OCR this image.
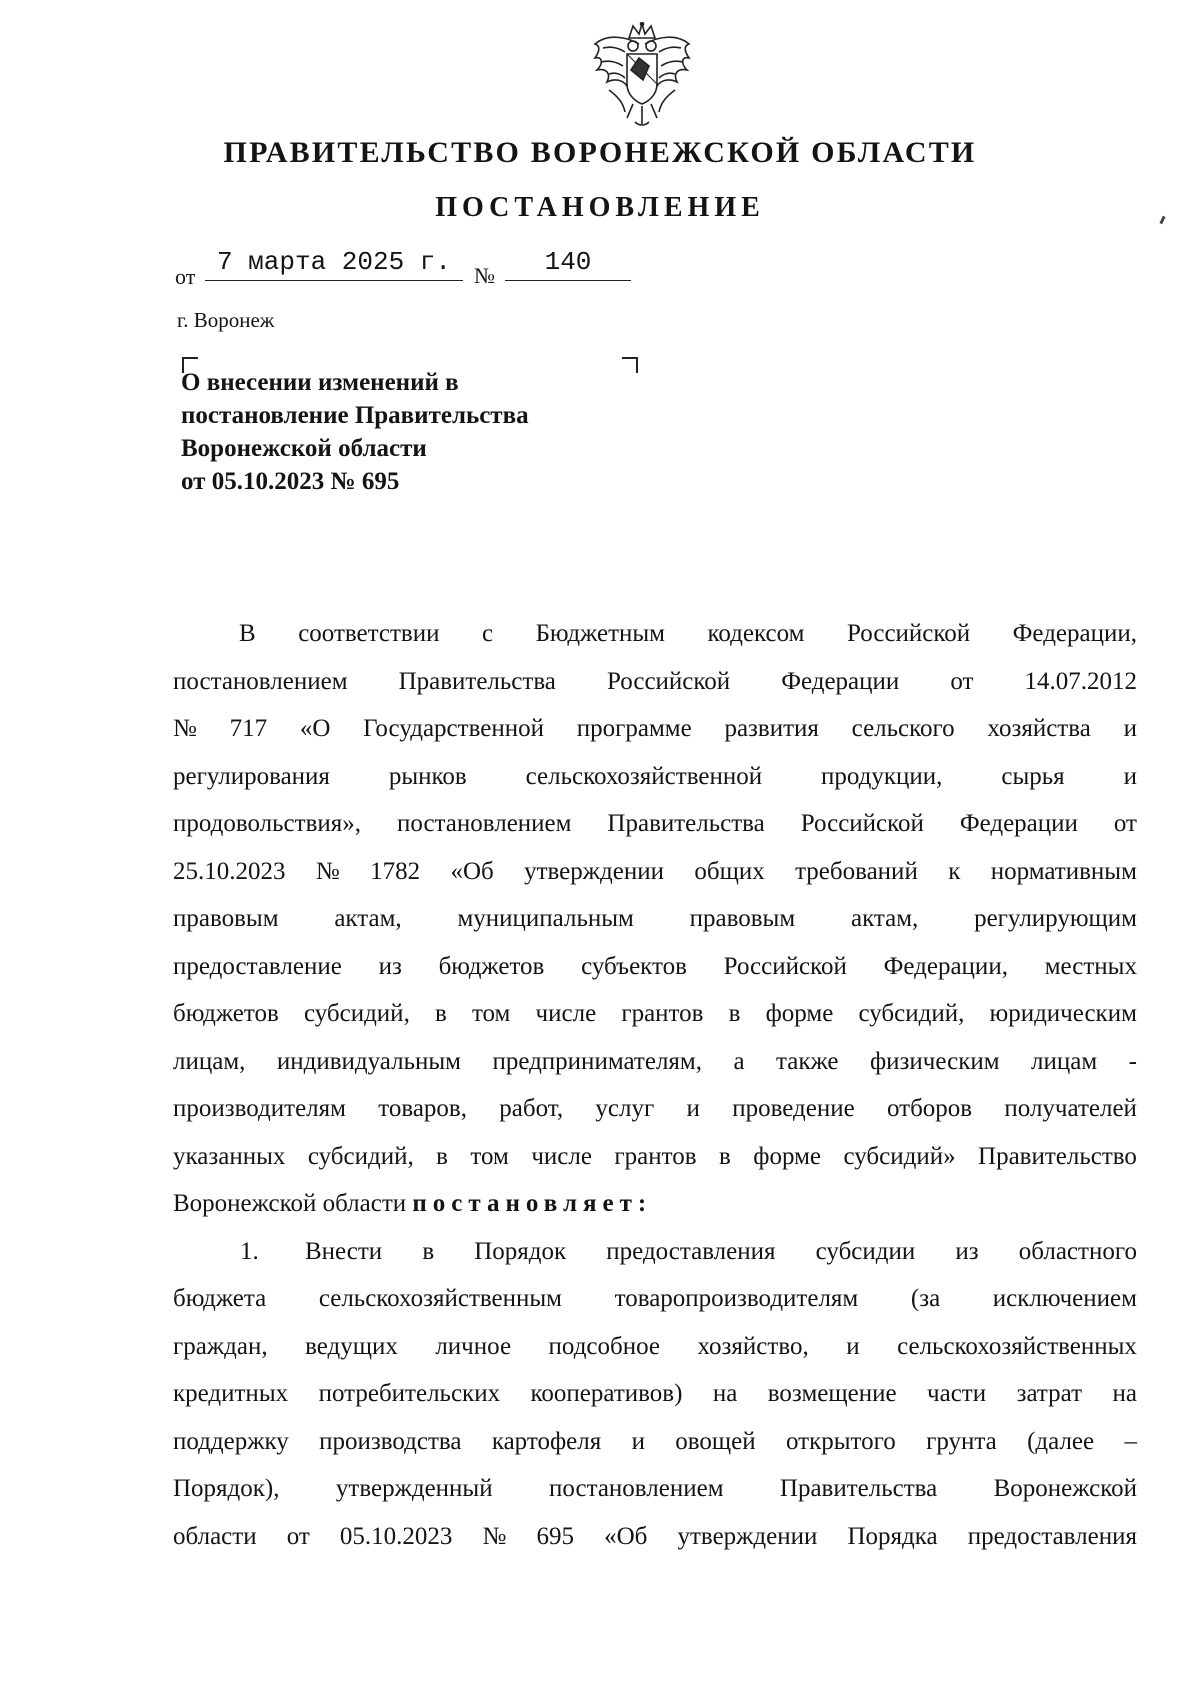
ПРАВИТЕЛЬСТВО ВОРОНЕЖСКОЙ ОБЛАСТИ
ПОСТАНОВЛЕНИЕ
от 7 марта 2025 г.	№	140
г. Воронеж
О внесении изменений в
постановление Правительства
Воронежской области
от 05.10.2023 № 695
В соответствии с Бюджетным кодексом Российской Федерации,
постановлением Правительства Российской Федерации от 14.07.2012
№ 717 «О Государственной программе развития сельского хозяйства и
регулирования рынков сельскохозяйственной продукции, сырья и
продовольствия», постановлением Правительства Российской Федерации от
25.10.2023 № 1782 «Об утверждении общих требований к нормативным
правовым актам, муниципальным правовым актам, регулирующим
предоставление из бюджетов субъектов Российской Федерации, местных
бюджетов субсидий, в том числе грантов в форме субсидий, юридическим
лицам, индивидуальным предпринимателям, а также физическим лицам -
производителям товаров, работ, услуг и проведение отборов получателей
указанных субсидий, в том числе грантов в форме субсидий» Правительство
Воронежской области постановляет:
1.	Внести в Порядок предоставления субсидии из областного
бюджета сельскохозяйственным товаропроизводителям (за исключением
граждан, ведущих личное подсобное хозяйство, и сельскохозяйственных
кредитных потребительских кооперативов) на возмещение части затрат на
поддержку производства картофеля и овощей открытого грунта (далее –
Порядок), утвержденный постановлением Правительства Воронежской
области от 05.10.2023 № 695 «Об утверждении Порядка предоставления
